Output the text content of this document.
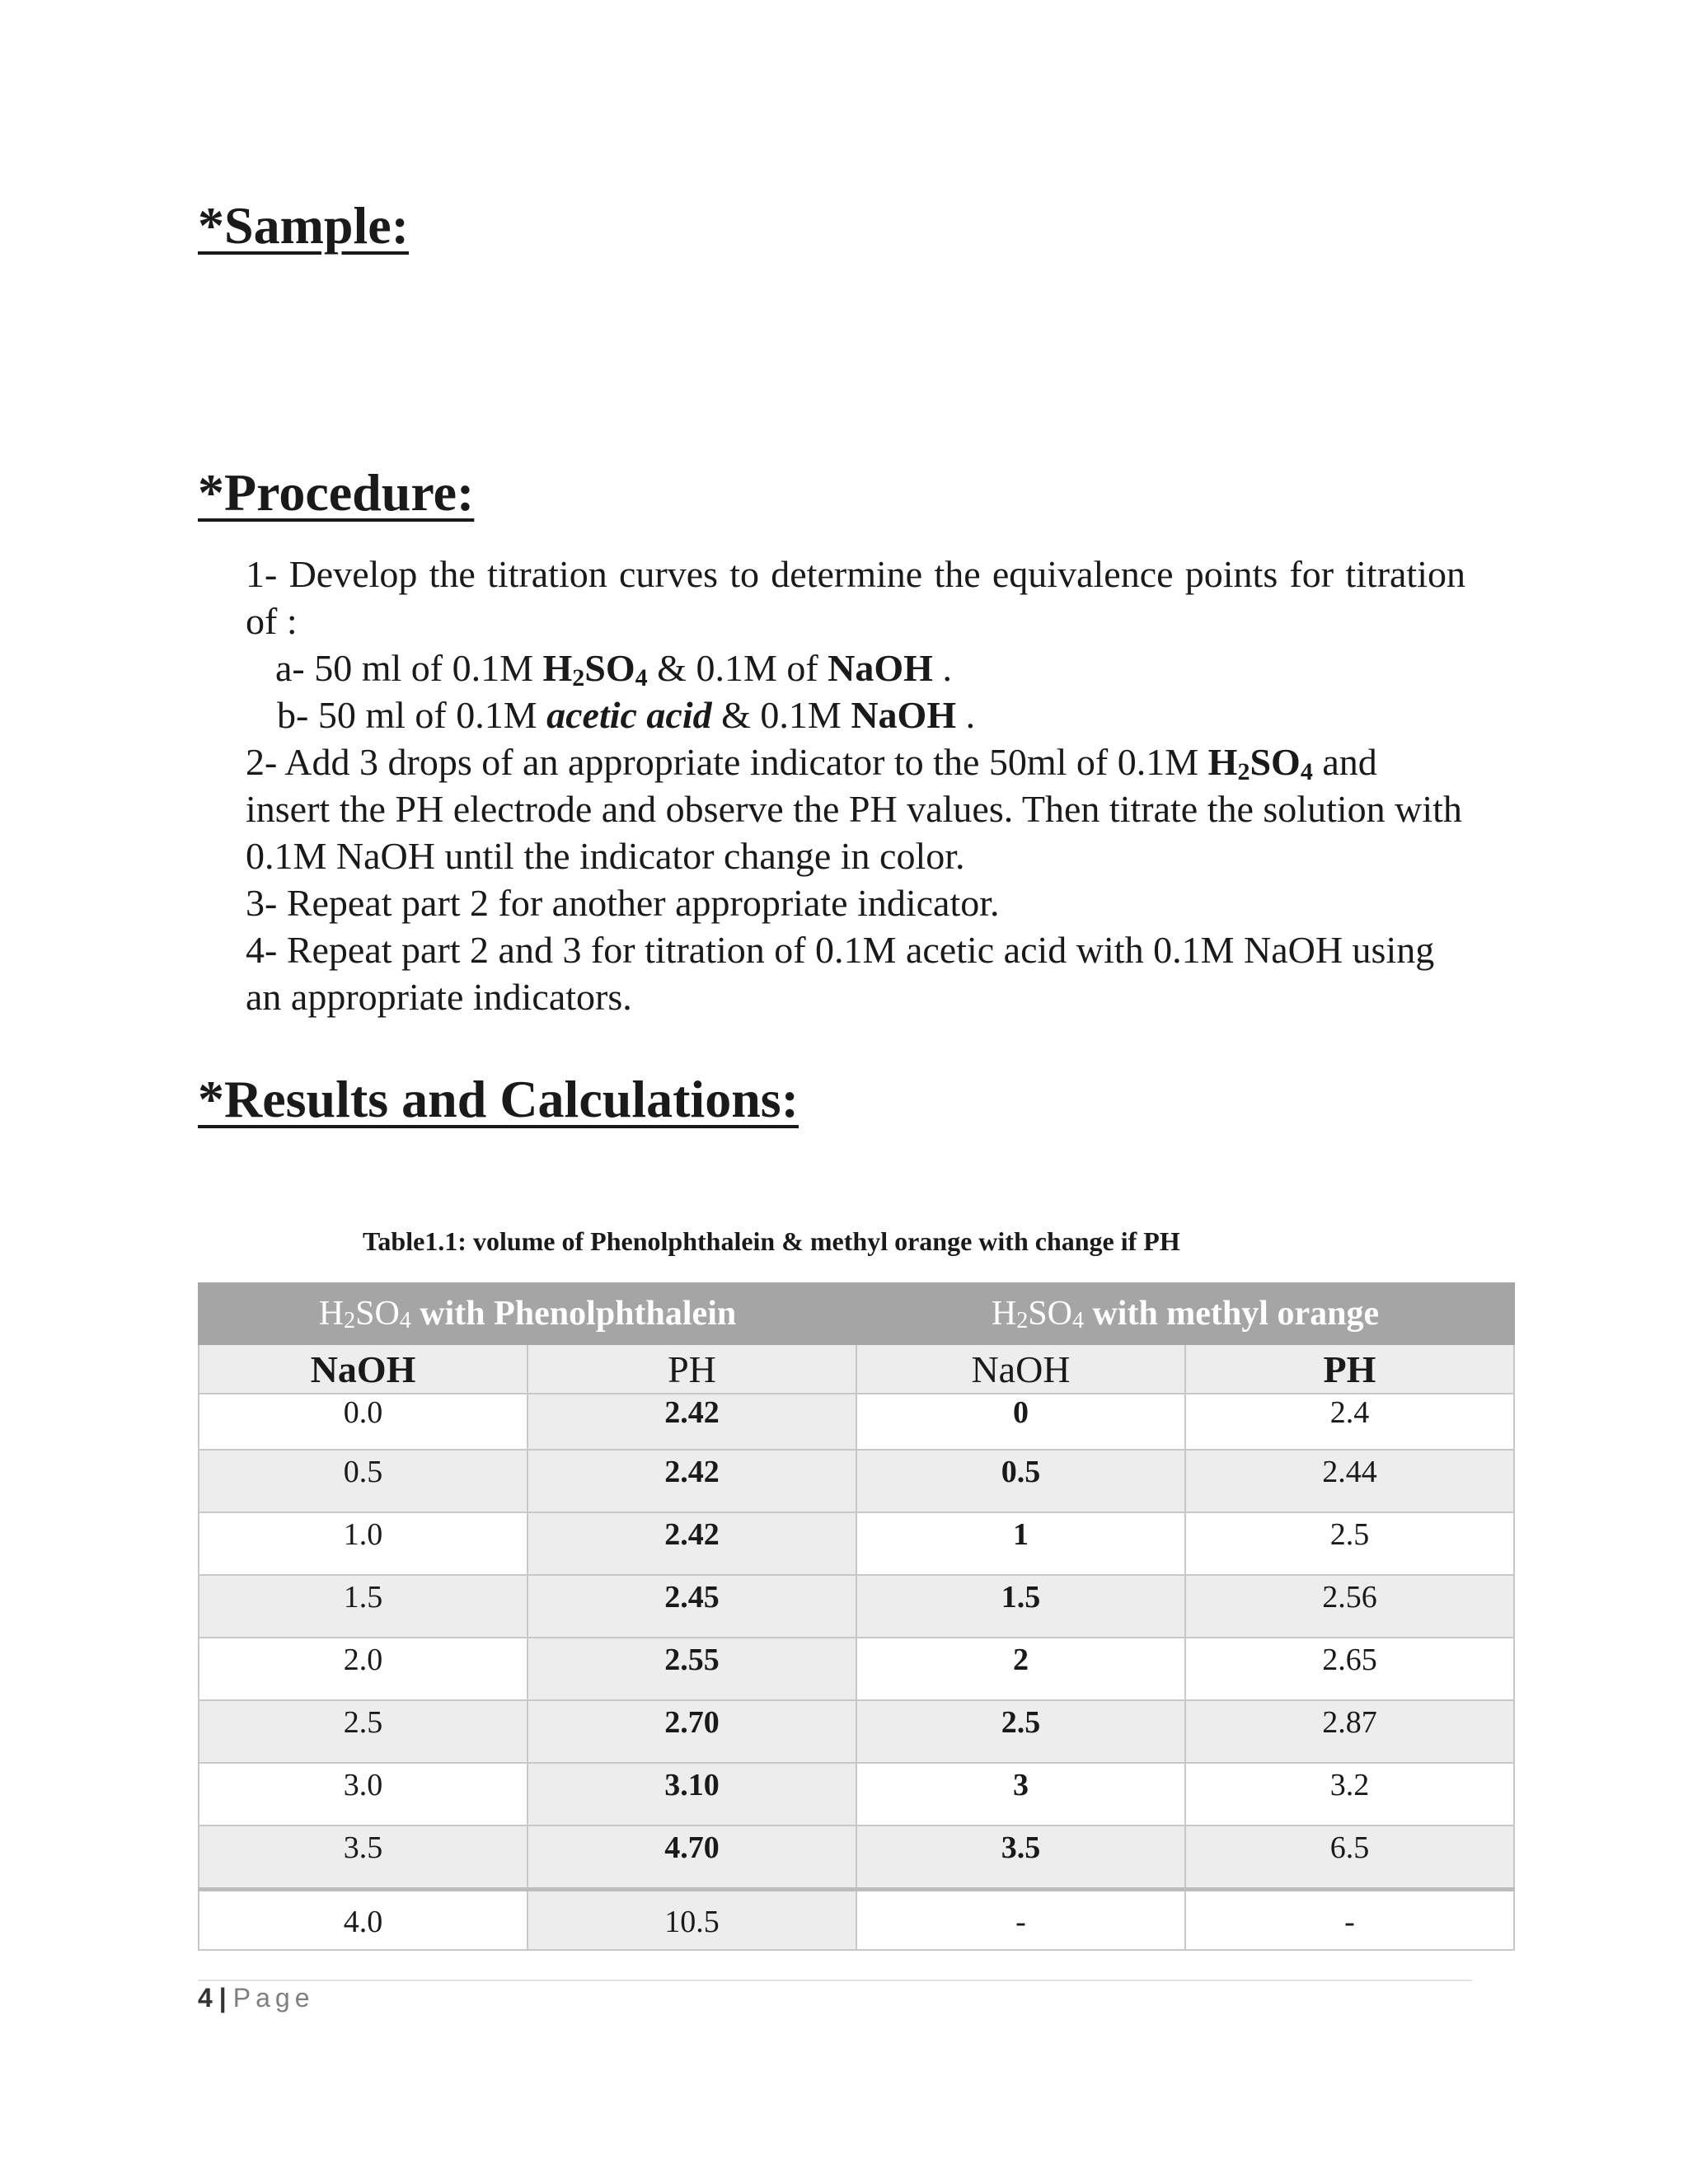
*Sample:
*Procedure:

1- Develop the titration curves to determine the equivalence points for titration of :

a- 50 ml of 0.1M $H_2SO_4$ & 0.1M of NaOH .

b- 50 ml of 0.1M acetic acid & 0.1M NaOH .

2- Add 3 drops of an appropriate indicator to the 50ml of 0.1M $H_2SO_4$ and insert the PH electrode and observe the PH values. Then titrate the solution with 0.1M NaOH until the indicator change in color.

3- Repeat part 2 for another appropriate indicator.

4- Repeat part 2 and 3 for titration of 0.1M acetic acid with 0.1M NaOH using an appropriate indicators.

*Results and Calculations:

Table1.1: volume of Phenolphthalein & methyl orange with change if PH

$H_2SO_4$ with Phenolphthalein		$H_2SO_4$ with methyl orange	
NaOH	PH	NaOH	PH
0.0	2.42	0	2.4
0.5	2.42	0.5	2.44
1.0	2.42	1	2.5
1.5	2.45	1.5	2.56
2.0	2.55	2	2.65
2.5	2.70	2.5	2.87
3.0	3.10	3	3.2
3.5	4.70	3.5	6.5
4.0	10.5	-	-
4 | Page
